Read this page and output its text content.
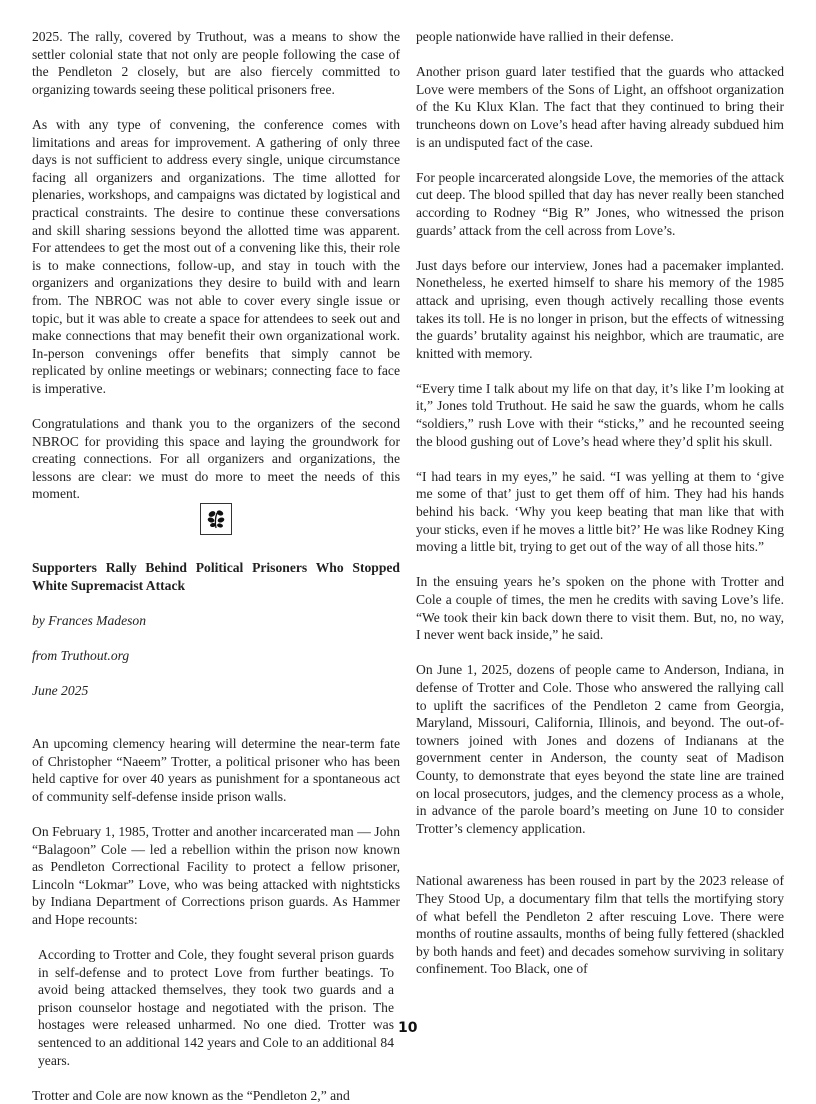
2025. The rally, covered by Truthout, was a means to show the settler colonial state that not only are people following the case of the Pendleton 2 closely, but are also fiercely committed to organizing towards seeing these political prisoners free.

As with any type of convening, the conference comes with limitations and areas for improvement. A gathering of only three days is not sufficient to address every single, unique circumstance facing all organizers and organizations. The time allotted for plenaries, workshops, and campaigns was dictated by logistical and practical constraints. The desire to continue these conversations and skill sharing sessions beyond the allotted time was apparent. For attendees to get the most out of a convening like this, their role is to make connections, follow-up, and stay in touch with the organizers and organizations they desire to build with and learn from. The NBROC was not able to cover every single issue or topic, but it was able to create a space for attendees to seek out and make connections that may benefit their own organizational work. In-person convenings offer benefits that simply cannot be replicated by online meetings or webinars; connecting face to face is imperative.

Congratulations and thank you to the organizers of the second NBROC for providing this space and laying the groundwork for creating connections. For all organizers and organizations, the lessons are clear: we must do more to meet the needs of this moment.

Supporters Rally Behind Political Prisoners Who Stopped White Supremacist Attack

by Frances Madeson

from Truthout.org

June 2025

An upcoming clemency hearing will determine the near-term fate of Christopher “Naeem” Trotter, a political prisoner who has been held captive for over 40 years as punishment for a spontaneous act of community self-defense inside prison walls.

On February 1, 1985, Trotter and another incarcerated man — John “Balagoon” Cole — led a rebellion within the prison now known as Pendleton Correctional Facility to protect a fellow prisoner, Lincoln “Lokmar” Love, who was being attacked with nightsticks by Indiana Department of Corrections prison guards. As Hammer and Hope recounts:

According to Trotter and Cole, they fought several prison guards in self-defense and to protect Love from further beatings. To avoid being attacked themselves, they took two guards and a prison counselor hostage and negotiated with the prison. The hostages were released unharmed. No one died. Trotter was sentenced to an additional 142 years and Cole to an additional 84 years.

Trotter and Cole are now known as the “Pendleton 2,” and

people nationwide have rallied in their defense.

Another prison guard later testified that the guards who attacked Love were members of the Sons of Light, an offshoot organization of the Ku Klux Klan. The fact that they continued to bring their truncheons down on Love’s head after having already subdued him is an undisputed fact of the case.

For people incarcerated alongside Love, the memories of the attack cut deep. The blood spilled that day has never really been stanched according to Rodney “Big R” Jones, who witnessed the prison guards’ attack from the cell across from Love’s.

Just days before our interview, Jones had a pacemaker implanted. Nonetheless, he exerted himself to share his memory of the 1985 attack and uprising, even though actively recalling those events takes its toll. He is no longer in prison, but the effects of witnessing the guards’ brutality against his neighbor, which are traumatic, are knitted with memory.

“Every time I talk about my life on that day, it’s like I’m looking at it,” Jones told Truthout. He said he saw the guards, whom he calls “soldiers,” rush Love with their “sticks,” and he recounted seeing the blood gushing out of Love’s head where they’d split his skull.

“I had tears in my eyes,” he said. “I was yelling at them to ‘give me some of that’ just to get them off of him. They had his hands behind his back. ‘Why you keep beating that man like that with your sticks, even if he moves a little bit?’ He was like Rodney King moving a little bit, trying to get out of the way of all those hits.”

In the ensuing years he’s spoken on the phone with Trotter and Cole a couple of times, the men he credits with saving Love’s life. “We took their kin back down there to visit them. But, no, no way, I never went back inside,” he said.

On June 1, 2025, dozens of people came to Anderson, Indiana, in defense of Trotter and Cole. Those who answered the rallying call to uplift the sacrifices of the Pendleton 2 came from Georgia, Maryland, Missouri, California, Illinois, and beyond. The out-of-towners joined with Jones and dozens of Indianans at the government center in Anderson, the county seat of Madison County, to demonstrate that eyes beyond the state line are trained on local prosecutors, judges, and the clemency process as a whole, in advance of the parole board’s meeting on June 10 to consider Trotter’s clemency application.

National awareness has been roused in part by the 2023 release of They Stood Up, a documentary film that tells the mortifying story of what befell the Pendleton 2 after rescuing Love. There were months of routine assaults, months of being fully fettered (shackled by both hands and feet) and decades somehow surviving in solitary confinement. Too Black, one of

10
